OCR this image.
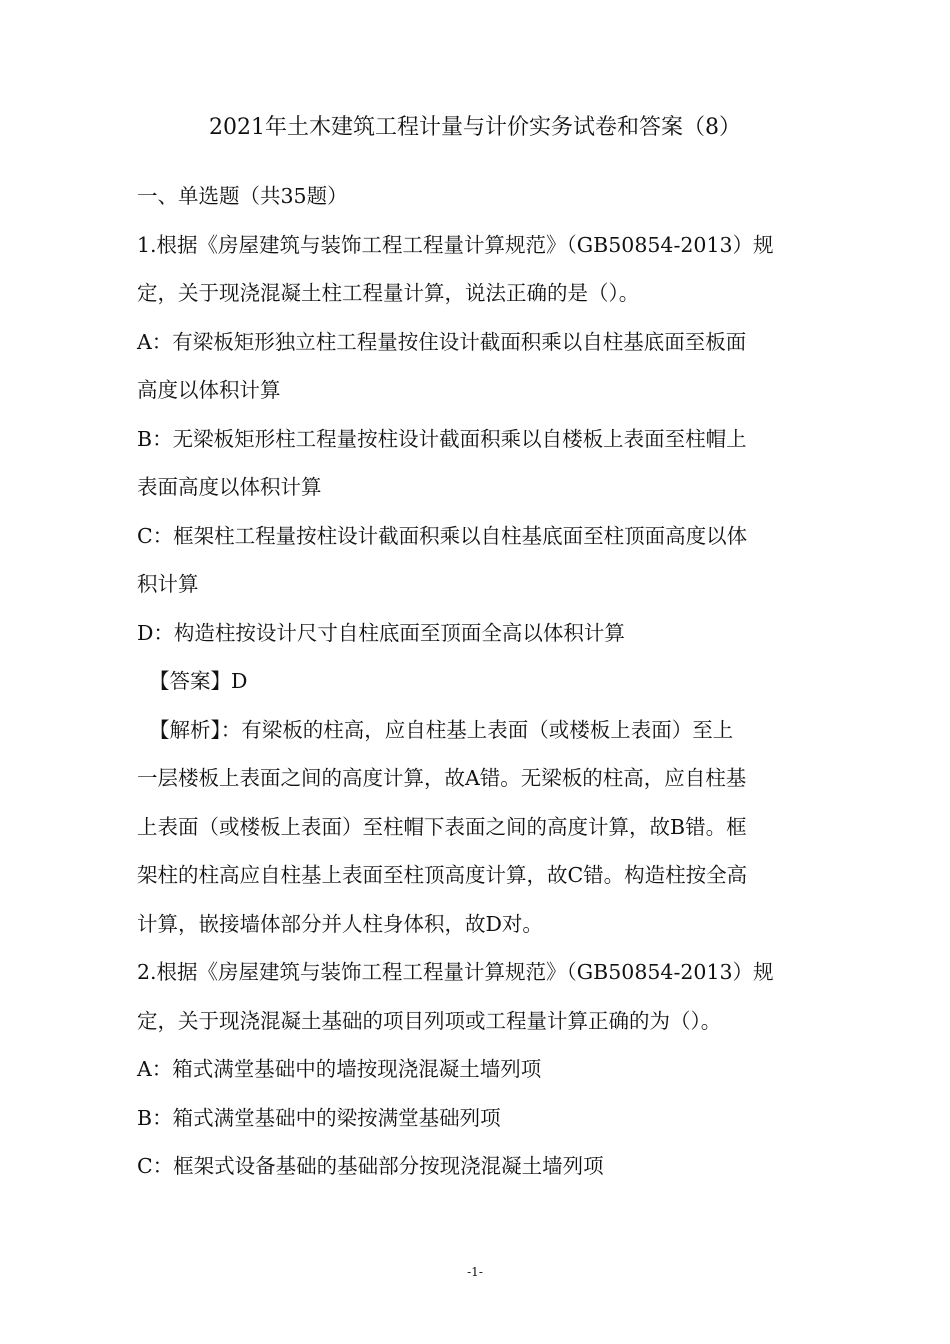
2021年土木建筑工程计量与计价实务试卷和答案（8）
一、单选题（共35题）
1.根据《房屋建筑与装饰工程工程量计算规范》（GB50854-2013）规
定，关于现浇混凝土柱工程量计算，说法正确的是（）。
A：有梁板矩形独立柱工程量按住设计截面积乘以自柱基底面至板面
高度以体积计算
B：无梁板矩形柱工程量按柱设计截面积乘以自楼板上表面至柱帽上
表面高度以体积计算
C：框架柱工程量按柱设计截面积乘以自柱基底面至柱顶面高度以体
积计算
D：构造柱按设计尺寸自柱底面至顶面全高以体积计算
【答案】D
【解析】：有梁板的柱高，应自柱基上表面（或楼板上表面）至上
一层楼板上表面之间的高度计算，故A错。无梁板的柱高，应自柱基
上表面（或楼板上表面）至柱帽下表面之间的高度计算，故B错。框
架柱的柱高应自柱基上表面至柱顶高度计算，故C错。构造柱按全高
计算，嵌接墙体部分并人柱身体积，故D对。
2.根据《房屋建筑与装饰工程工程量计算规范》（GB50854-2013）规
定，关于现浇混凝土基础的项目列项或工程量计算正确的为（）。
A：箱式满堂基础中的墙按现浇混凝土墙列项
B：箱式满堂基础中的梁按满堂基础列项
C：框架式设备基础的基础部分按现浇混凝土墙列项
-1-
